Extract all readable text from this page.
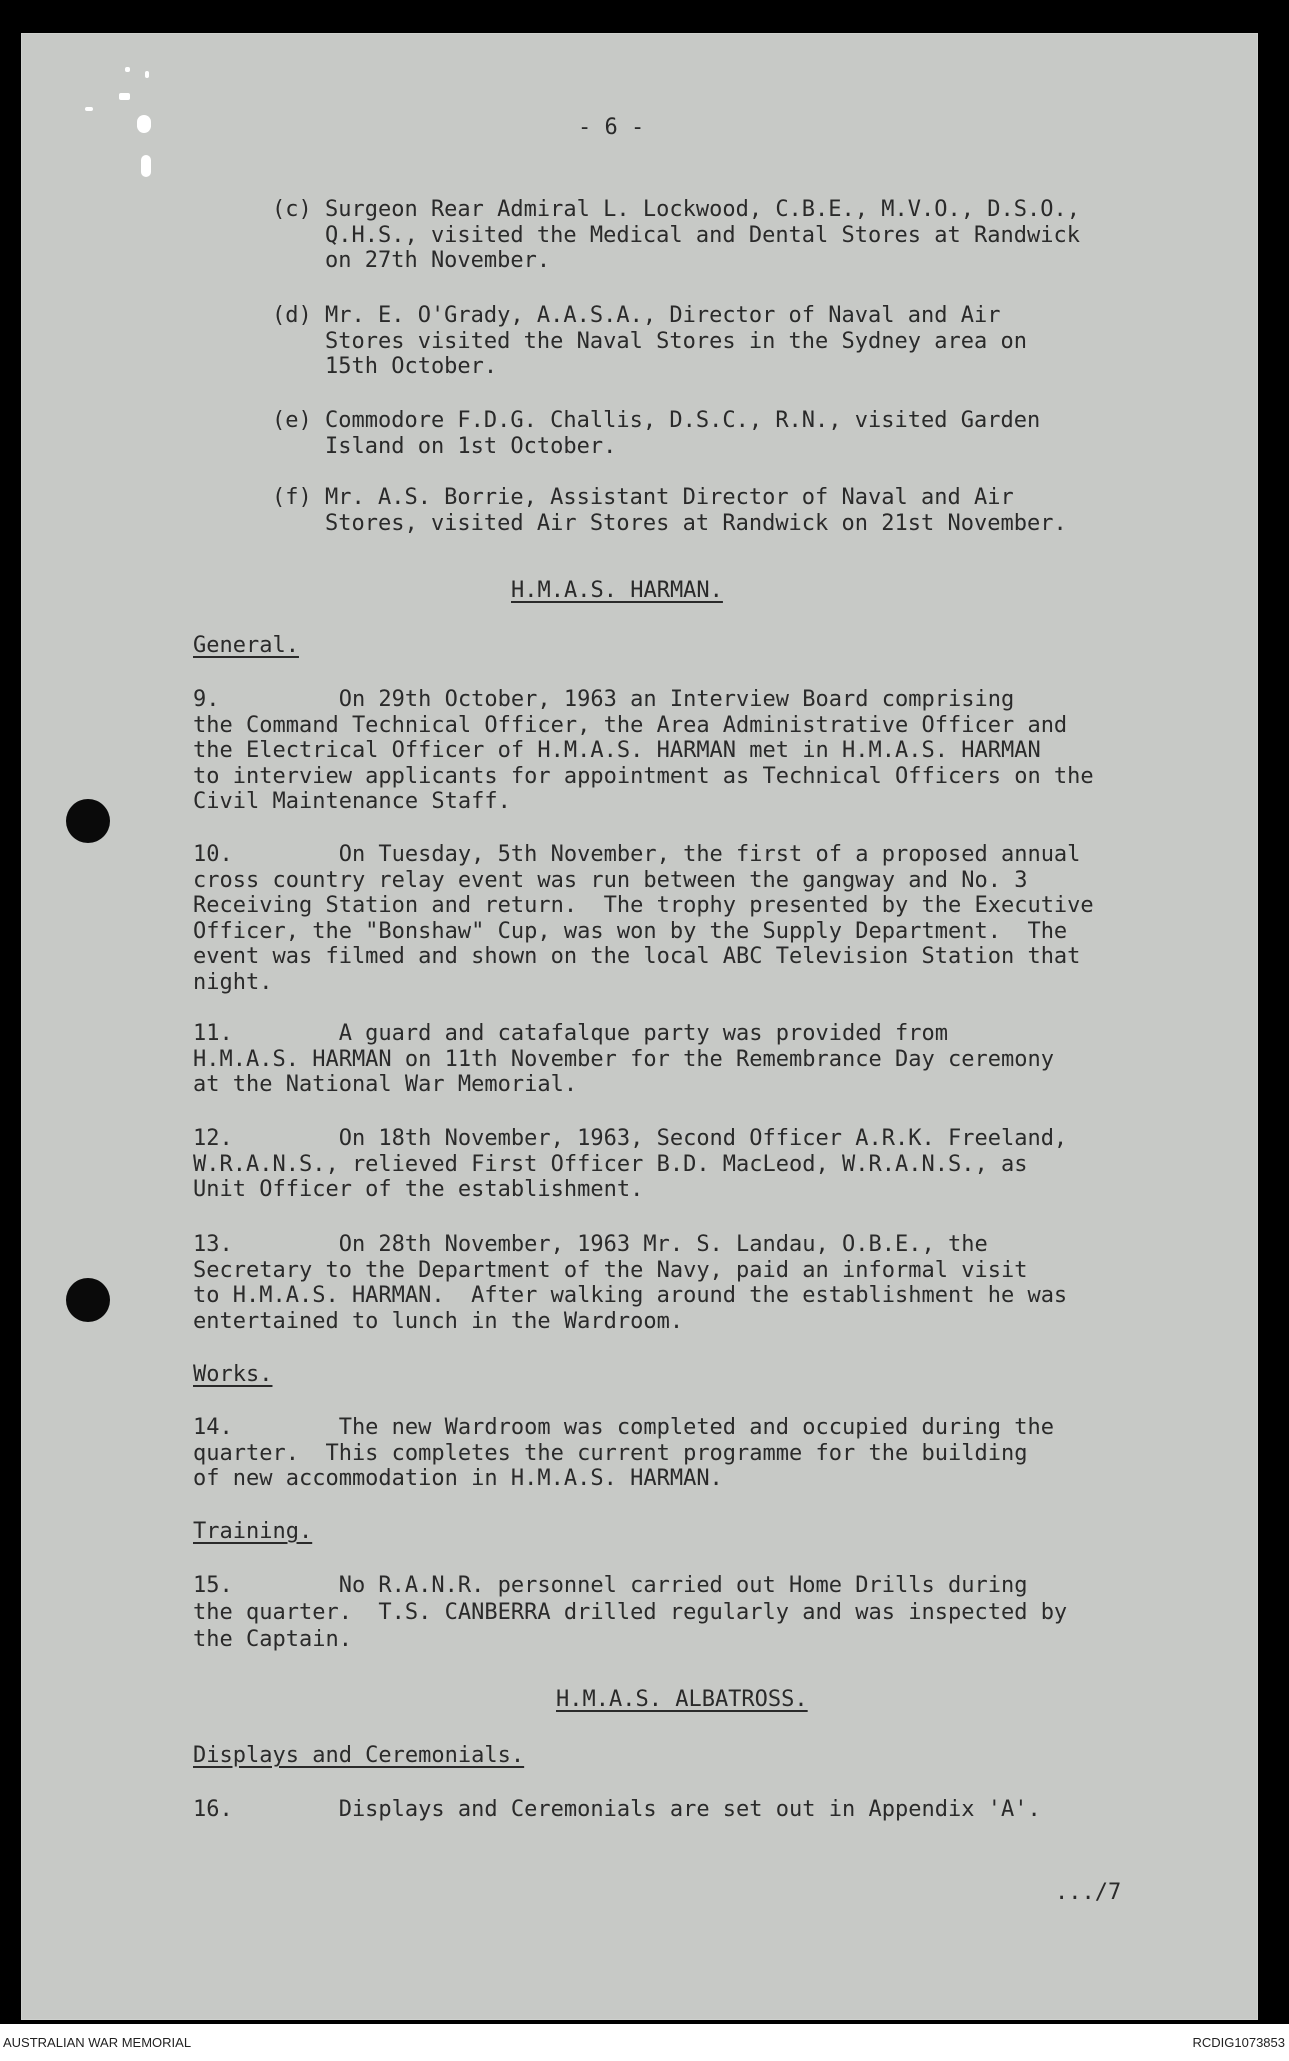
- 6 -

(c) Surgeon Rear Admiral L. Lockwood, C.B.E., M.V.O., D.S.O.,

Q.H.S., visited the Medical and Dental Stores at Randwick

on 27th November.

(d) Mr. E. O'Grady, A.A.S.A., Director of Naval and Air

Stores visited the Naval Stores in the Sydney area on

15th October.

(e) Commodore F.D.G. Challis, D.S.C., R.N., visited Garden

Island on 1st October.

(f) Mr. A.S. Borrie, Assistant Director of Naval and Air

Stores, visited Air Stores at Randwick on 21st November.

H.M.A.S. HARMAN.

General.

9.         On 29th October, 1963 an Interview Board comprising

the Command Technical Officer, the Area Administrative Officer and

the Electrical Officer of H.M.A.S. HARMAN met in H.M.A.S. HARMAN

to interview applicants for appointment as Technical Officers on the

Civil Maintenance Staff.

10.        On Tuesday, 5th November, the first of a proposed annual

cross country relay event was run between the gangway and No. 3

Receiving Station and return.  The trophy presented by the Executive

Officer, the "Bonshaw" Cup, was won by the Supply Department.  The

event was filmed and shown on the local ABC Television Station that

night.

11.        A guard and catafalque party was provided from

H.M.A.S. HARMAN on 11th November for the Remembrance Day ceremony

at the National War Memorial.

12.        On 18th November, 1963, Second Officer A.R.K. Freeland,

W.R.A.N.S., relieved First Officer B.D. MacLeod, W.R.A.N.S., as

Unit Officer of the establishment.

13.        On 28th November, 1963 Mr. S. Landau, O.B.E., the

Secretary to the Department of the Navy, paid an informal visit

to H.M.A.S. HARMAN.  After walking around the establishment he was

entertained to lunch in the Wardroom.

Works.

14.        The new Wardroom was completed and occupied during the

quarter.  This completes the current programme for the building

of new accommodation in H.M.A.S. HARMAN.

Training.

15.        No R.A.N.R. personnel carried out Home Drills during

the quarter.  T.S. CANBERRA drilled regularly and was inspected by

the Captain.

H.M.A.S. ALBATROSS.

Displays and Ceremonials.

16.        Displays and Ceremonials are set out in Appendix 'A'.

.../7

AUSTRALIAN WAR MEMORIAL	RCDIG1073853
